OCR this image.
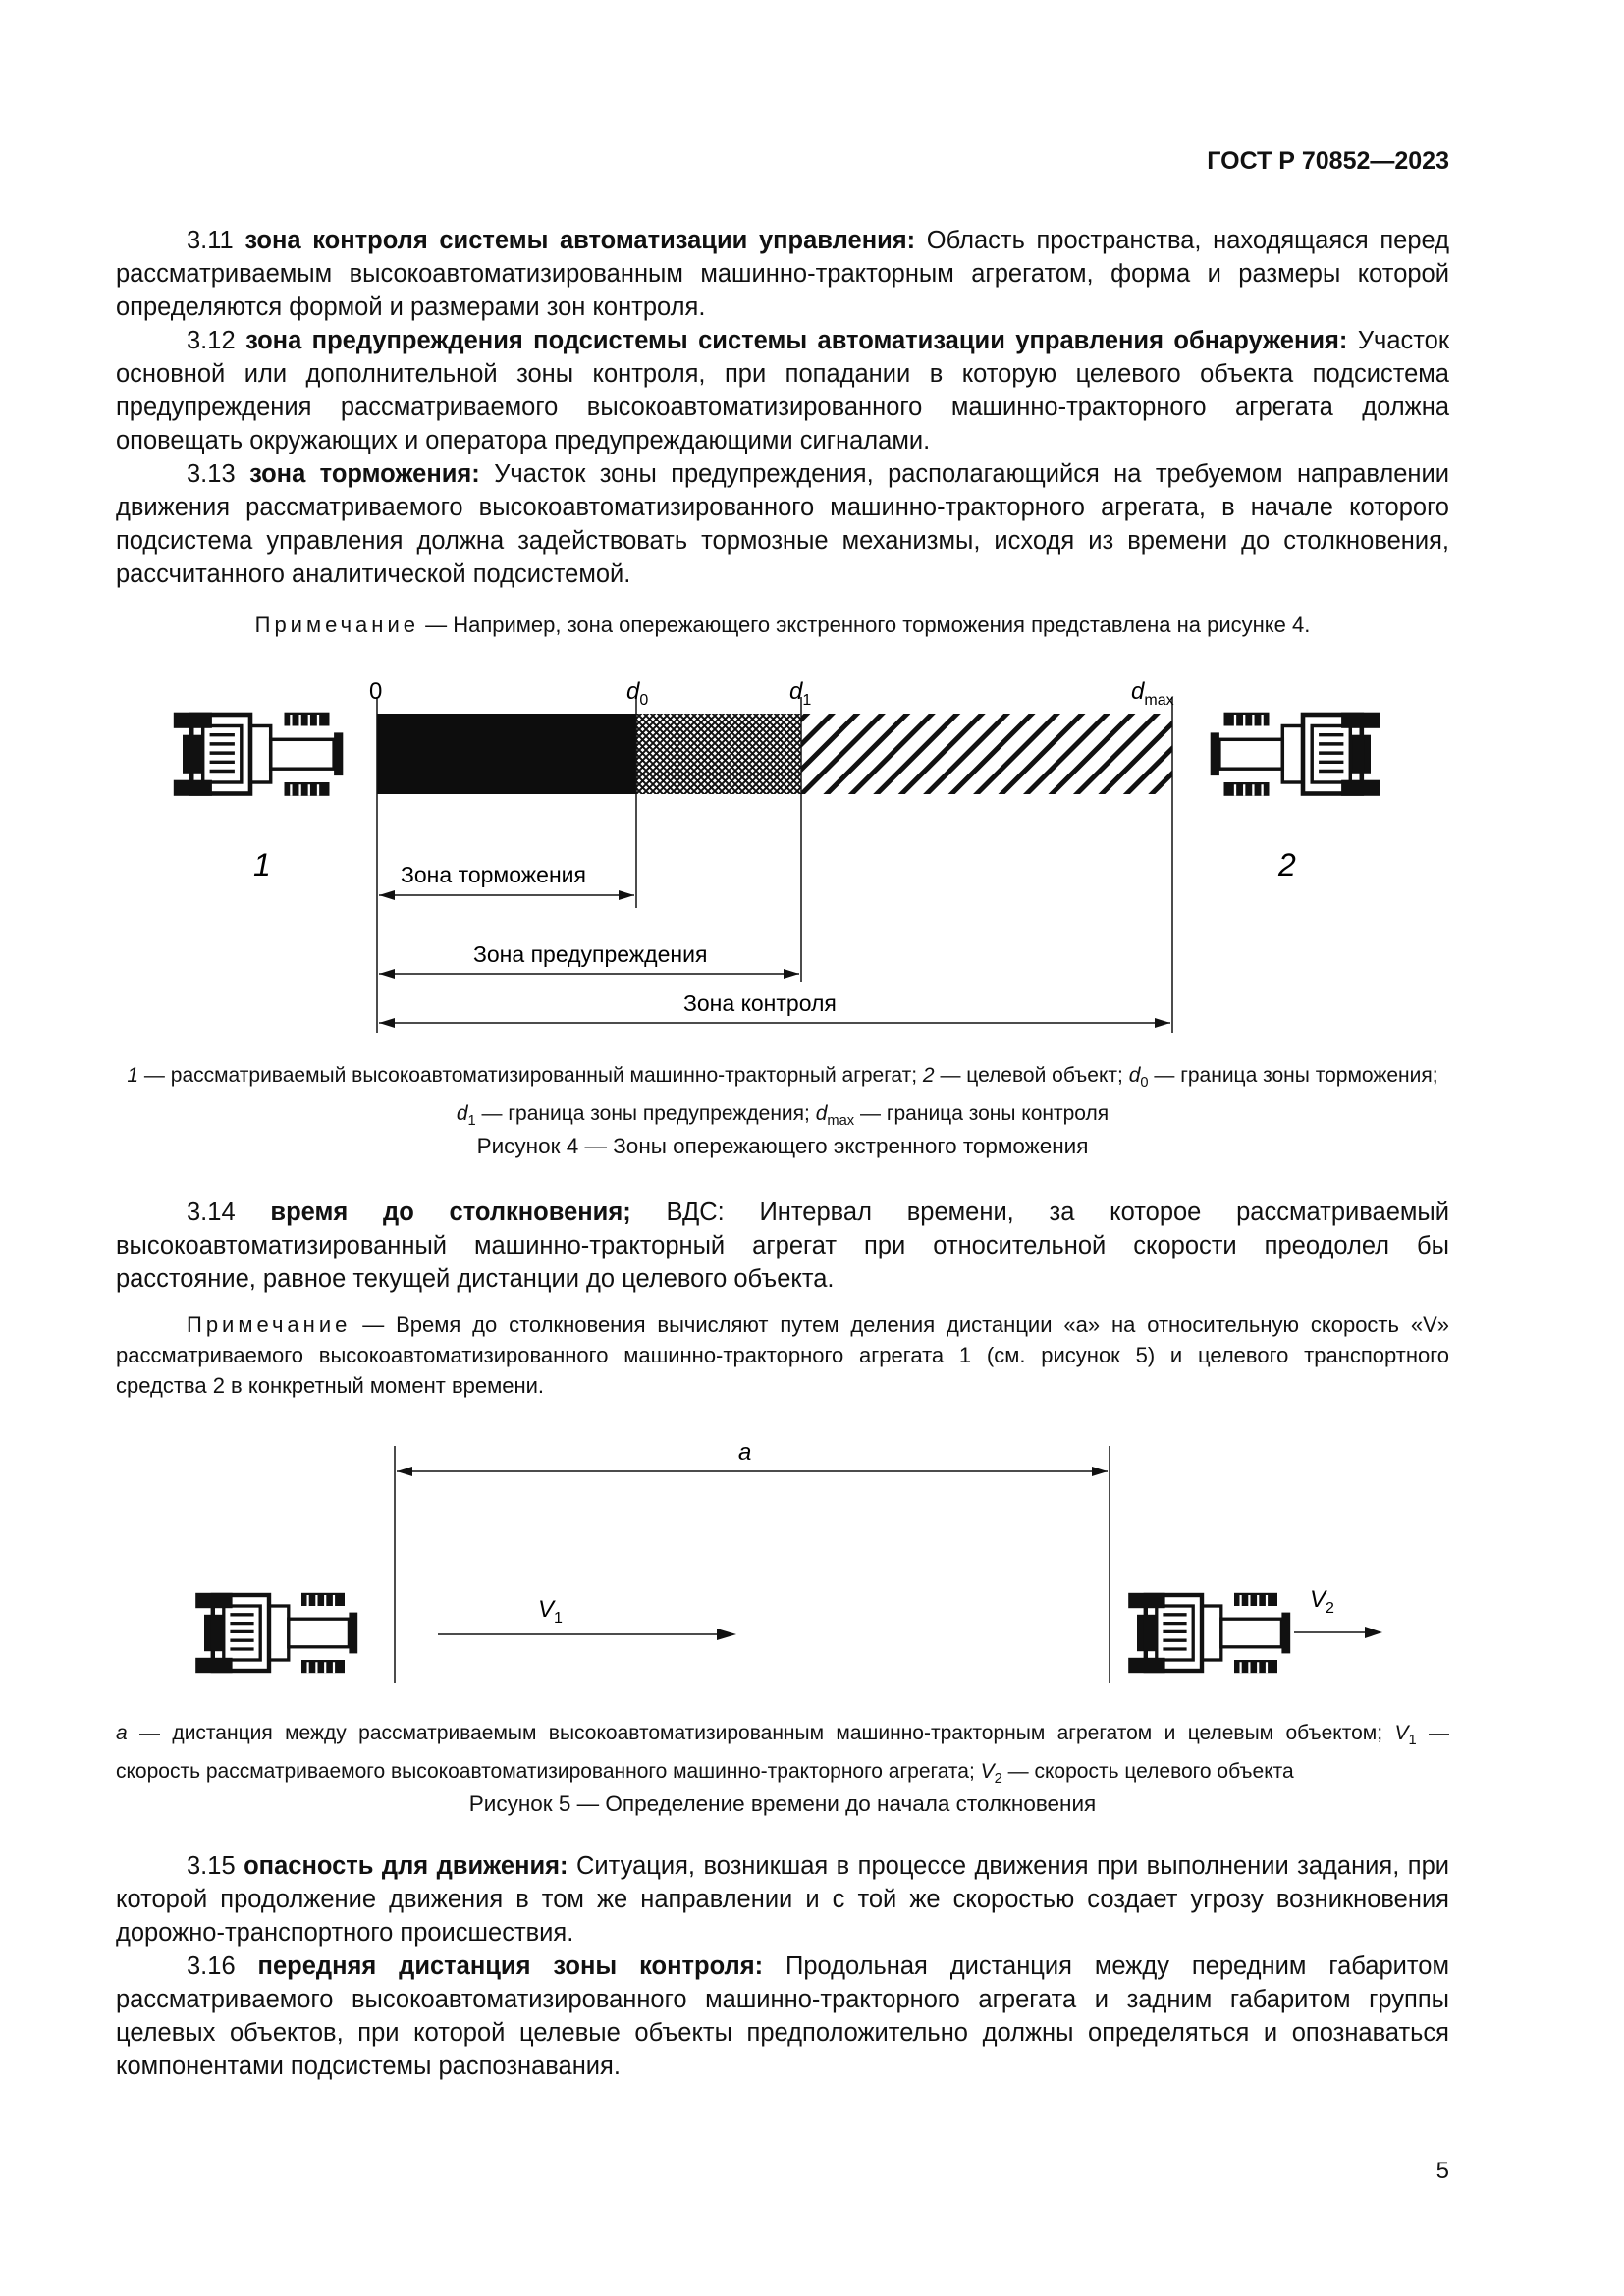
ГОСТ Р 70852—2023

3.11 зона контроля системы автоматизации управления: Область пространства, находящаяся перед рассматриваемым высокоавтоматизированным машинно-тракторным агрегатом, форма и размеры которой определяются формой и размерами зон контроля.

3.12 зона предупреждения подсистемы системы автоматизации управления обнаружения: Участок основной или дополнительной зоны контроля, при попадании в которую целевого объекта подсистема предупреждения рассматриваемого высокоавтоматизированного машинно-тракторного агрегата должна оповещать окружающих и оператора предупреждающими сигналами.

3.13 зона торможения: Участок зоны предупреждения, располагающийся на требуемом направлении движения рассматриваемого высокоавтоматизированного машинно-тракторного агрегата, в начале которого подсистема управления должна задействовать тормозные механизмы, исходя из времени до столкновения, рассчитанного аналитической подсистемой.

Примечание — Например, зона опережающего экстренного торможения представлена на рисунке 4.

0	$d_0$	$d_1$	$d_{max}$
1	2
Зона торможения
Зона предупреждения
Зона контроля
1 — рассматриваемый высокоавтоматизированный машинно-тракторный агрегат; 2 — целевой объект; $d_0$ — граница зоны торможения; $d_1$ — граница зоны предупреждения; $d_{max}$ — граница зоны контроля
Рисунок 4 — Зоны опережающего экстренного торможения

3.14 время до столкновения; ВДС: Интервал времени, за которое рассматриваемый высокоавтоматизированный машинно-тракторный агрегат при относительной скорости преодолел бы расстояние, равное текущей дистанции до целевого объекта.

Примечание — Время до столкновения вычисляют путем деления дистанции «а» на относительную скорость «V» рассматриваемого высокоавтоматизированного машинно-тракторного агрегата 1 (см. рисунок 5) и целевого транспортного средства 2 в конкретный момент времени.

a
$V_1$
$V_2$
a — дистанция между рассматриваемым высокоавтоматизированным машинно-тракторным агрегатом и целевым объектом; $V_1$ — скорость рассматриваемого высокоавтоматизированного машинно-тракторного агрегата; $V_2$ — скорость целевого объекта
Рисунок 5 — Определение времени до начала столкновения

3.15 опасность для движения: Ситуация, возникшая в процессе движения при выполнении задания, при которой продолжение движения в том же направлении и с той же скоростью создает угрозу возникновения дорожно-транспортного происшествия.

3.16 передняя дистанция зоны контроля: Продольная дистанция между передним габаритом рассматриваемого высокоавтоматизированного машинно-тракторного агрегата и задним габаритом группы целевых объектов, при которой целевые объекты предположительно должны определяться и опознаваться компонентами подсистемы распознавания.

5
